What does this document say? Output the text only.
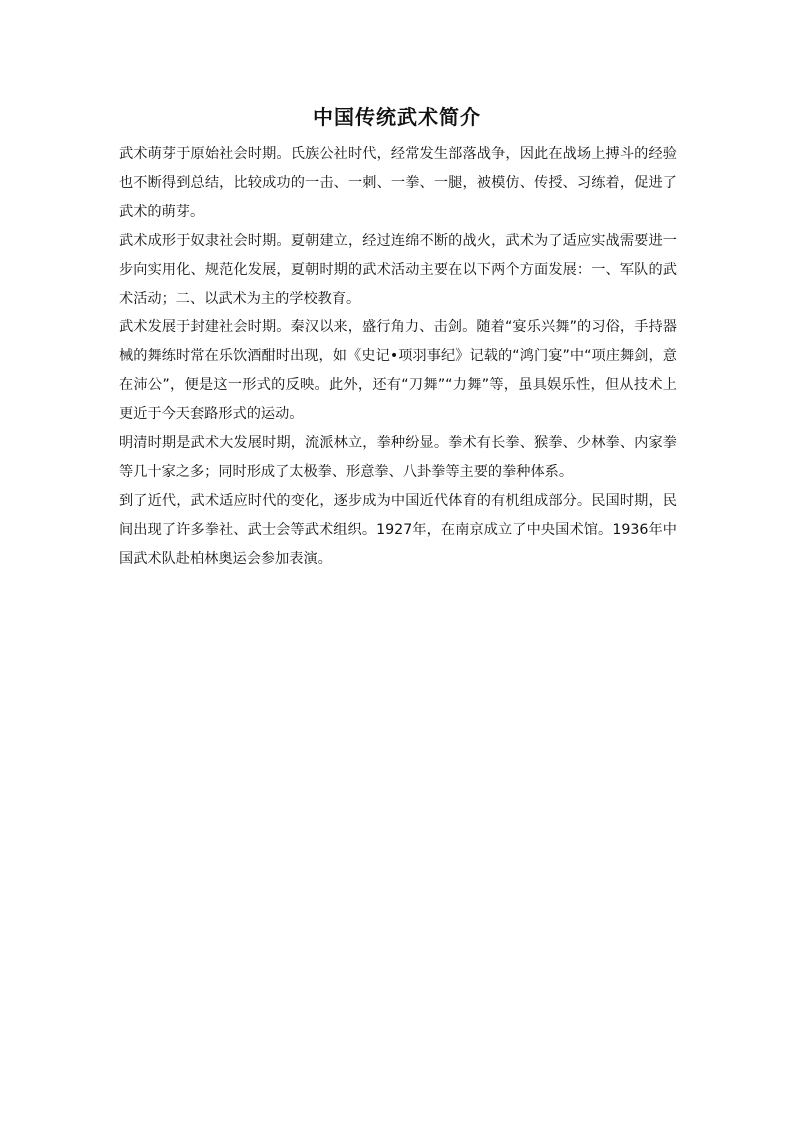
中国传统武术简介

武术萌芽于原始社会时期。氏族公社时代，经常发生部落战争，因此在战场上搏斗的经验也不断得到总结，比较成功的一击、一刺、一拳、一腿，被模仿、传授、习练着，促进了武术的萌芽。

武术成形于奴隶社会时期。夏朝建立，经过连绵不断的战火，武术为了适应实战需要进一步向实用化、规范化发展，夏朝时期的武术活动主要在以下两个方面发展：一、军队的武术活动；二、以武术为主的学校教育。

武术发展于封建社会时期。秦汉以来，盛行角力、击剑。随着“宴乐兴舞”的习俗，手持器械的舞练时常在乐饮酒酣时出现，如《史记•项羽事纪》记载的“鸿门宴”中“项庄舞剑，意在沛公”，便是这一形式的反映。此外，还有“刀舞”“力舞”等，虽具娱乐性，但从技术上更近于今天套路形式的运动。

明清时期是武术大发展时期，流派林立，拳种纷显。拳术有长拳、猴拳、少林拳、内家拳等几十家之多；同时形成了太极拳、形意拳、八卦拳等主要的拳种体系。

到了近代，武术适应时代的变化，逐步成为中国近代体育的有机组成部分。民国时期，民间出现了许多拳社、武士会等武术组织。1927年，在南京成立了中央国术馆。1936年中国武术队赴柏林奥运会参加表演。
